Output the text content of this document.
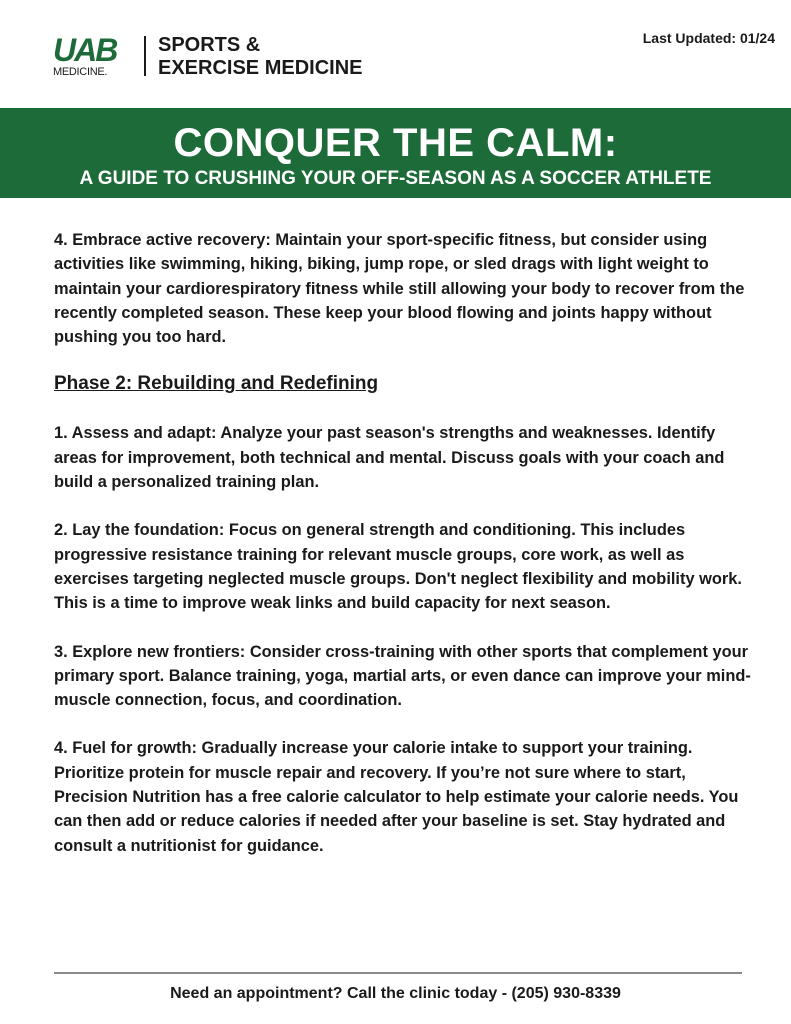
UAB
MEDICINE.
SPORTS &
EXERCISE MEDICINE
Last Updated: 01/24
CONQUER THE CALM:
A GUIDE TO CRUSHING YOUR OFF-SEASON AS A SOCCER ATHLETE

4. Embrace active recovery: Maintain your sport-specific fitness, but consider using activities like swimming, hiking, biking, jump rope, or sled drags with light weight to maintain your cardiorespiratory fitness while still allowing your body to recover from the recently completed season. These keep your blood flowing and joints happy without pushing you too hard.

Phase 2: Rebuilding and Redefining

1. Assess and adapt: Analyze your past season's strengths and weaknesses. Identify areas for improvement, both technical and mental. Discuss goals with your coach and build a personalized training plan.

2. Lay the foundation: Focus on general strength and conditioning. This includes progressive resistance training for relevant muscle groups, core work, as well as exercises targeting neglected muscle groups. Don't neglect flexibility and mobility work. This is a time to improve weak links and build capacity for next season.

3. Explore new frontiers: Consider cross-training with other sports that complement your primary sport. Balance training, yoga, martial arts, or even dance can improve your mind-muscle connection, focus, and coordination.

4. Fuel for growth: Gradually increase your calorie intake to support your training. Prioritize protein for muscle repair and recovery. If you’re not sure where to start, Precision Nutrition has a free calorie calculator to help estimate your calorie needs. You can then add or reduce calories if needed after your baseline is set. Stay hydrated and consult a nutritionist for guidance.

Need an appointment? Call the clinic today - (205) 930-8339
